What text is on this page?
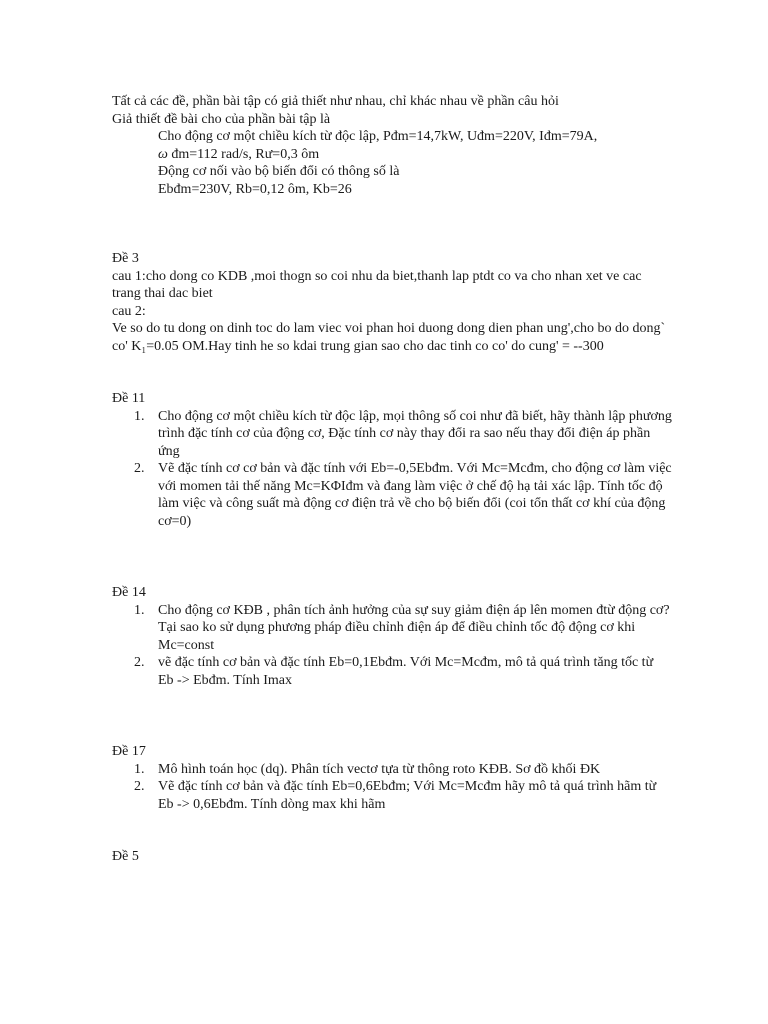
Tất cả các đề, phần bài tập có giả thiết như nhau, chỉ khác nhau về phần câu hỏi

Giả thiết đề bài cho của phần bài tập là

Cho động cơ một chiều kích từ độc lập, Pđm=14,7kW, Uđm=220V, Iđm=79A,

ω đm=112 rad/s, Rư=0,3 ôm

Động cơ nối vào bộ biến đổi có thông số là

Ebđm=230V, Rb=0,12 ôm, Kb=26

Đề 3

cau 1:cho dong co KDB ,moi thogn so coi nhu da biet,thanh lap ptdt co va cho nhan xet ve cac trang thai dac biet

cau 2:

Ve so do tu dong on dinh toc do lam viec voi phan hoi duong dong dien phan ung',cho bo do dong` co' K₁=0.05 OM.Hay tinh he so kdai trung gian sao cho dac tinh co co' do cung' = --300

Đề 11

1. Cho động cơ một chiều kích từ độc lập, mọi thông số coi như đã biết, hãy thành lập phương trình đặc tính cơ của động cơ, Đặc tính cơ này thay đổi ra sao nếu thay đổi điện áp phần ứng
2. Vẽ đặc tính cơ cơ bản và đặc tính với Eb=-0,5Ebđm. Với Mc=Mcđm, cho động cơ làm việc với momen tải thế năng Mc=KΦIđm và đang làm việc ở chế độ hạ tải xác lập. Tính tốc độ làm việc và công suất mà động cơ điện trả về cho bộ biến đổi (coi tổn thất cơ khí của động cơ=0)

Đề 14

1. Cho động cơ KĐB , phân tích ảnh hưởng của sự suy giảm điện áp lên momen đtừ động cơ?Tại sao ko sử dụng phương pháp điều chỉnh điện áp để điều chỉnh tốc độ động cơ khi Mc=const
2. vẽ đặc tính cơ bản và đặc tính Eb=0,1Ebđm. Với Mc=Mcđm, mô tả quá trình tăng tốc từ Eb -> Ebđm. Tính Imax

Đề 17

1. Mô hình toán học (dq). Phân tích vectơ tựa từ thông roto KĐB. Sơ đồ khối ĐK
2. Vẽ đặc tính cơ bản và đặc tính Eb=0,6Ebđm; Với Mc=Mcđm hãy mô tả quá trình hãm từ Eb -> 0,6Ebđm. Tính dòng max khi hãm

Đề 5
